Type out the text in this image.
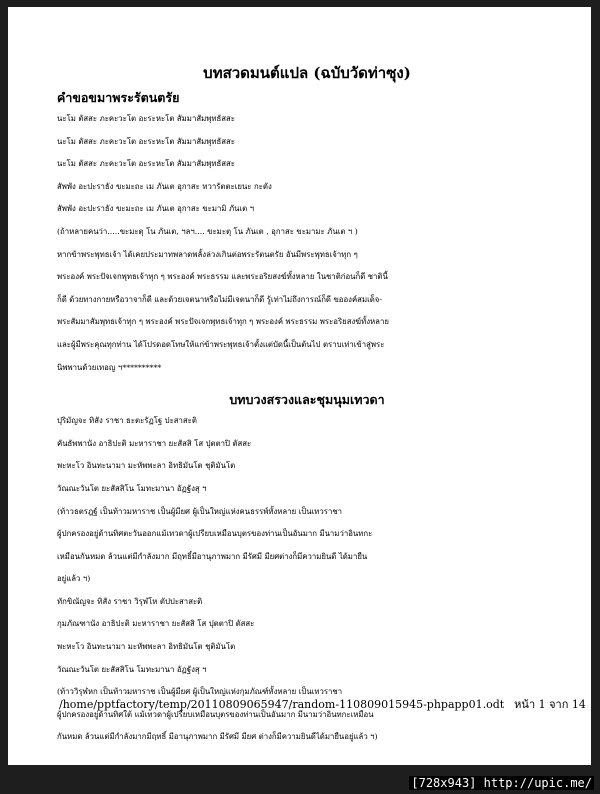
บทสวดมนต์แปล (ฉบับวัดท่าซุง)
คำขอขมาพระรัตนตรัย
นะโม ตัสสะ ภะคะวะโต อะระหะโต สัมมาสัมพุทธัสสะ
นะโม ตัสสะ ภะคะวะโต อะระหะโต สัมมาสัมพุทธัสสะ
นะโม ตัสสะ ภะคะวะโต อะระหะโต สัมมาสัมพุทธัสสะ
สัพพัง อะปะราธัง ขะมะถะ เม ภันเต อุกาสะ ทวารัตตะเยนะ กะตัง
สัพพัง อะปะราธัง ขะมะถะ เม ภันเต อุกาสะ ขะมามิ ภันเต ฯ
(ถ้าหลายคนว่า.....ขะมะตุ โน ภันเต, ฯลฯ.... ขะมะตุ โน ภันเต , อุกาสะ ขะมามะ ภันเต ฯ )
หากข้าพระพุทธเจ้า ได้เคยประมาทพลาดพลั้งล่วงเกินต่อพระรัตนตรัย อันมีพระพุทธเจ้าทุก ๆ
พระองค์ พระปัจเจกพุทธเจ้าทุก ๆ พระองค์ พระธรรม และพระอริยสงฆ์ทั้งหลาย ในชาติก่อนก็ดี ชาตินี้
ก็ดี ด้วยทางกายหรือวาจาก็ดี และด้วยเจตนาหรือไม่มีเจตนาก็ดี รู้เท่าไม่ถึงการณ์ก็ดี ขอองค์สมเด็จ-
พระสัมมาสัมพุทธเจ้าทุก ๆ พระองค์ พระปัจเจกพุทธเจ้าทุก ๆ พระองค์ พระธรรม พระอริยสงฆ์ทั้งหลาย
และผู้มีพระคุณทุกท่าน ได้โปรดอดโทษให้แก่ข้าพระพุทธเจ้าตั้งแต่บัดนี้เป็นต้นไป ตราบเท่าเข้าสู่พระ
นิพพานด้วยเทอญ ฯ**********
บทบวงสรวงและชุมนุมเทวดา
ปุริมัญจะ ทิสัง ราชา ธะตะรัฏโฐ ปะสาสะติ
คันธัพพานัง อาธิปะติ มะหาราชา ยะสัสสิ โส ปุตตาปิ ตัสสะ
พะหะโว อินทะนามา มะหัพพะลา อิทธิมันโต ชุติมันโต
วัณณะวันโต ยะสัสสิโน โมทะมานา อัฏฐังสุ ฯ
(ท้าวธตรฎฐ์ เป็นท้าวมหาราช เป็นผู้มียศ ผู้เป็นใหญ่แห่งคนธรรพ์ทั้งหลาย เป็นเทวราชา
ผู้ปกครองอยู่ด้านทิศตะวันออกแม้เทวดาผู้เปรียบเหมือนบุตรของท่านเป็นอันมาก มีนามว่าอินทกะ
เหมือนกันหมด ล้วนแต่มีกำลังมาก มีฤทธิ์มีอานุภาพมาก มีรัศมี มียศต่างก็มีความยินดี ได้มายืน
อยู่แล้ว ฯ)
ทักขิณัญจะ ทิสัง ราชา วิรุฬโห ตัปปะสาสะติ
กุมภัณฑานัง อาธิปะติ มะหาราชา ยะสัสสิ โส ปุตตาปิ ตัสสะ
พะหะโว อินทะนามา มะหัพพะลา อิทธิมันโต ชุติมันโต
วัณณะวันโต ยะสัสสิโน โมทะมานา อัฏฐังสุ ฯ
(ท้าววิรุฬหก เป็นท้าวมหาราช เป็นผู้มียศ ผู้เป็นใหญ่แห่งกุมภัณฑ์ทั้งหลาย เป็นเทวราชา
ผู้ปกครองอยู่ด้านทิศใต้ แม้เทวดาผู้เปรียบเหมือนบุตรของท่านเป็นอันมาก มีนามว่าอินทกะเหมือน
กันหมด ล้วนแต่มีกำลังมากมีฤทธิ์ มีอานุภาพมาก มีรัศมี มียศ ต่างก็มีความยินดีได้มายืนอยู่แล้ว ฯ)
/home/pptfactory/temp/20110809065947/random-110809015945-phpapp01.odt หน้า 1 จาก 14
[728x943] http://upic.me/
